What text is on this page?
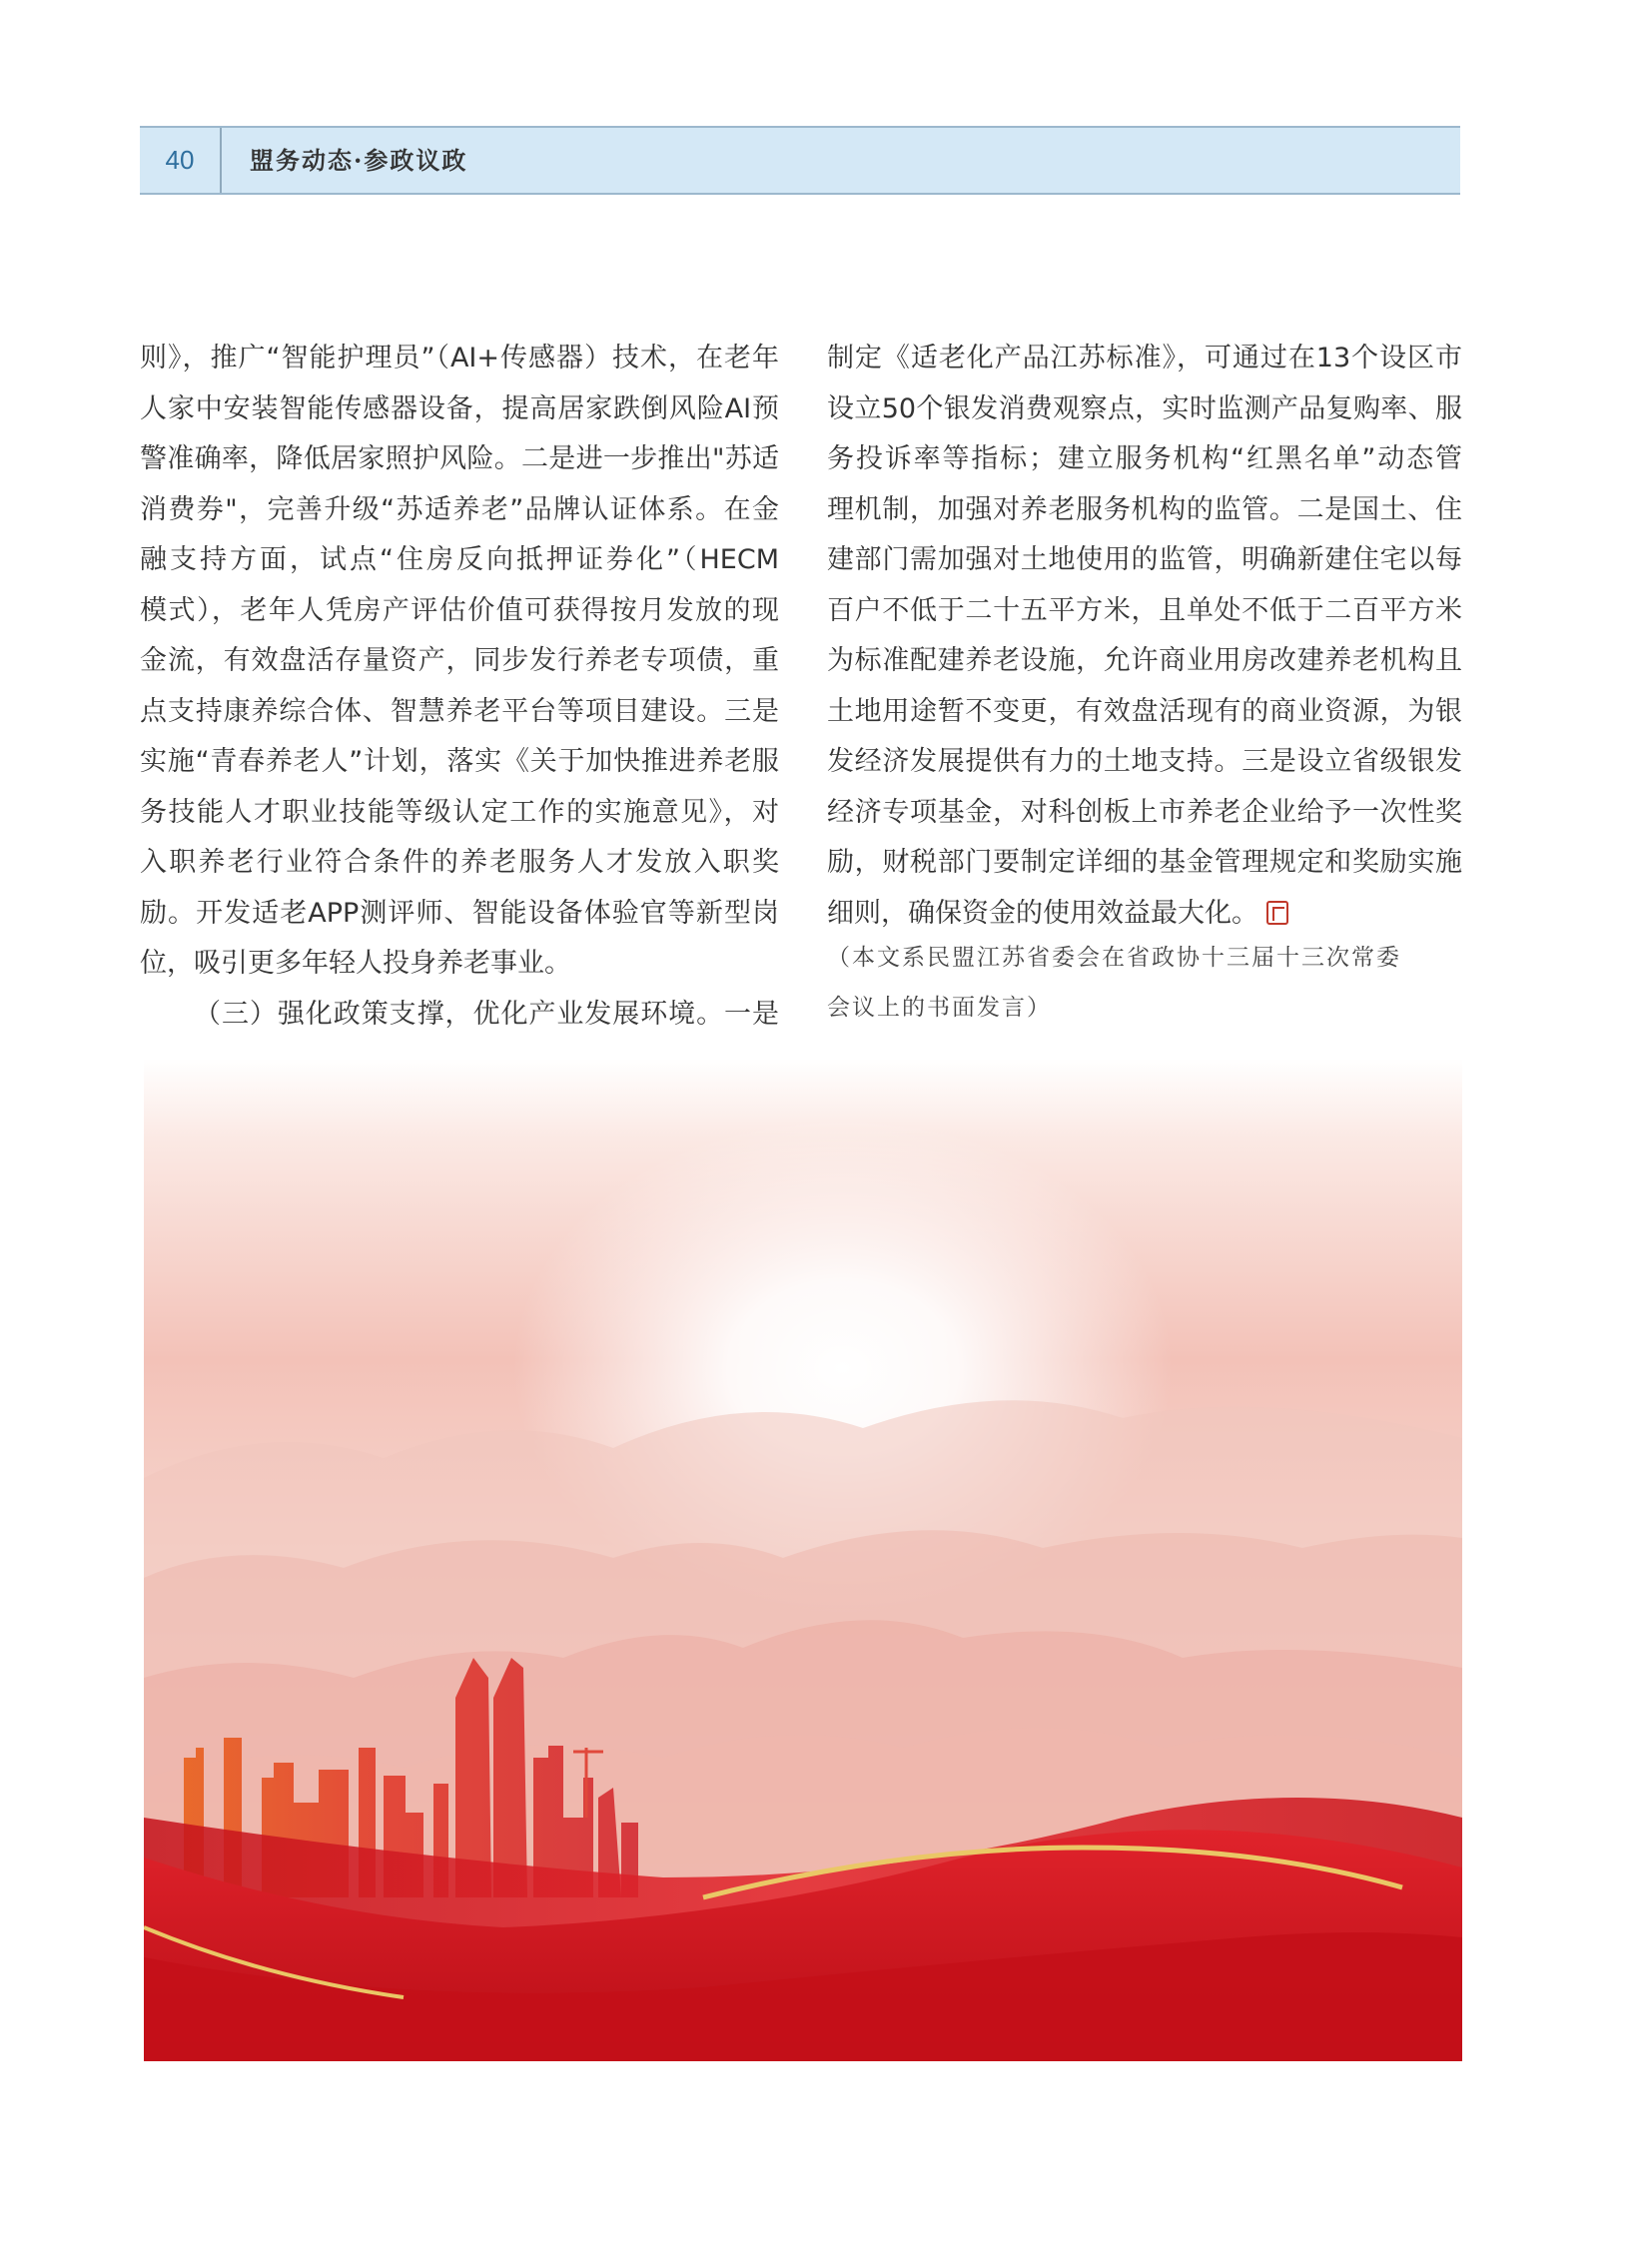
40	盟务动态·参政议政
则》，推广“智能护理员”（AI+传感器）技术，在老年
人家中安装智能传感器设备，提高居家跌倒风险AI预
警准确率，降低居家照护风险。二是进一步推出"苏适
消费券"，完善升级“苏适养老”品牌认证体系。在金
融支持方面，试点“住房反向抵押证券化”（HECM
模式），老年人凭房产评估价值可获得按月发放的现
金流，有效盘活存量资产，同步发行养老专项债，重
点支持康养综合体、智慧养老平台等项目建设。三是
实施“青春养老人”计划，落实《关于加快推进养老服
务技能人才职业技能等级认定工作的实施意见》，对
入职养老行业符合条件的养老服务人才发放入职奖
励。开发适老APP测评师、智能设备体验官等新型岗
位，吸引更多年轻人投身养老事业。
（三）强化政策支撑，优化产业发展环境。一是
制定《适老化产品江苏标准》，可通过在13个设区市
设立50个银发消费观察点，实时监测产品复购率、服
务投诉率等指标；建立服务机构“红黑名单”动态管
理机制，加强对养老服务机构的监管。二是国土、住
建部门需加强对土地使用的监管，明确新建住宅以每
百户不低于二十五平方米，且单处不低于二百平方米
为标准配建养老设施，允许商业用房改建养老机构且
土地用途暂不变更，有效盘活现有的商业资源，为银
发经济发展提供有力的土地支持。三是设立省级银发
经济专项基金，对科创板上市养老企业给予一次性奖
励，财税部门要制定详细的基金管理规定和奖励实施
细则，确保资金的使用效益最大化。
（本文系民盟江苏省委会在省政协十三届十三次常委
会议上的书面发言）
